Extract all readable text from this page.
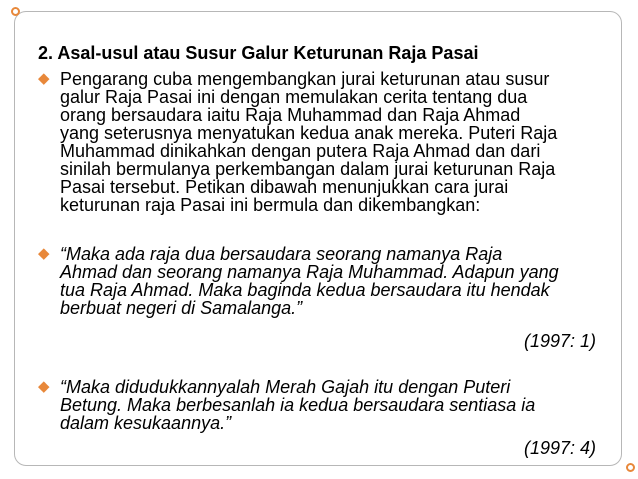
2. Asal-usul atau Susur Galur Keturunan Raja Pasai
◆ Pengarang cuba mengembangkan jurai keturunan atau susur
galur Raja Pasai ini dengan memulakan cerita tentang dua
orang bersaudara iaitu Raja Muhammad dan Raja Ahmad
yang seterusnya menyatukan kedua anak mereka. Puteri Raja
Muhammad dinikahkan dengan putera Raja Ahmad dan dari
sinilah bermulanya perkembangan dalam jurai keturunan Raja
Pasai tersebut. Petikan dibawah menunjukkan cara jurai
keturunan raja Pasai ini bermula dan dikembangkan:
◆ “Maka ada raja dua bersaudara seorang namanya Raja
Ahmad dan seorang namanya Raja Muhammad. Adapun yang
tua Raja Ahmad. Maka baginda kedua bersaudara itu hendak
berbuat negeri di Samalanga.”
(1997: 1)
◆ “Maka didudukkannyalah Merah Gajah itu dengan Puteri
Betung. Maka berbesanlah ia kedua bersaudara sentiasa ia
dalam kesukaannya.”
(1997: 4)
